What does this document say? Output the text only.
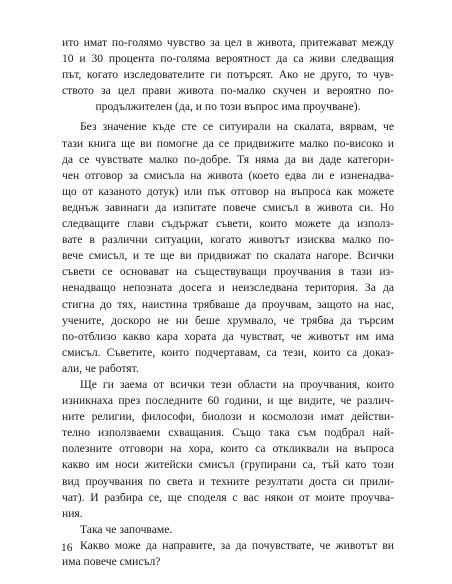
ито имат по-голямо чувство за цел в живота, притежават между
10 и 30 процента по-голяма вероятност да са живи следващия
път, когато изследователите ги потърсят. Ако не друго, то чув-
ството за цел прави живота по-малко скучен и вероятно по-
продължителен (да, и по този въпрос има проучване).
Без значение къде сте се ситуирали на скалата, вярвам, че
тази книга ще ви помогне да се придвижите малко по-високо и
да се чувствате малко по-добре. Тя няма да ви даде категори-
чен отговор за смисъла на живота (което едва ли е изненадва-
що от казаното дотук) или пък отговор на въпроса как можете
веднъж завинаги да изпитате повече смисъл в живота си. Но
следващите глави съдържат съвети, които можете да използ-
вате в различни ситуации, когато животът изисква малко по-
вече смисъл, и те ще ви придвижат по скалата нагоре. Всички
съвети се основават на съществуващи проучвания в тази из-
ненадващо непозната досега и неизследвана територия. За да
стигна до тях, наистина трябваше да проучвам, защото на нас,
учените, доскоро не ни беше хрумвало, че трябва да търсим
по-отблизо какво кара хората да чувстват, че животът им има
смисъл. Съветите, които подчертавам, са тези, които са доказ-
али, че работят.
Ще ги заема от всички тези области на проучвания, които
изникнаха през последните 60 години, и ще видите, че различ-
ните религии, философи, биолози и космолози имат действи-
телно използваеми схващания. Също така съм подбрал най-
полезните отговори на хора, които са откликвали на въпроса
какво им носи житейски смисъл (групирани са, тъй като този
вид проучвания по света и техните резултати доста си прили-
чат). И разбира се, ще споделя с вас някои от моите проучва-
ния.
Така че започваме.
Какво може да направите, за да почувствате, че животът ви
има повече смисъл?
16
